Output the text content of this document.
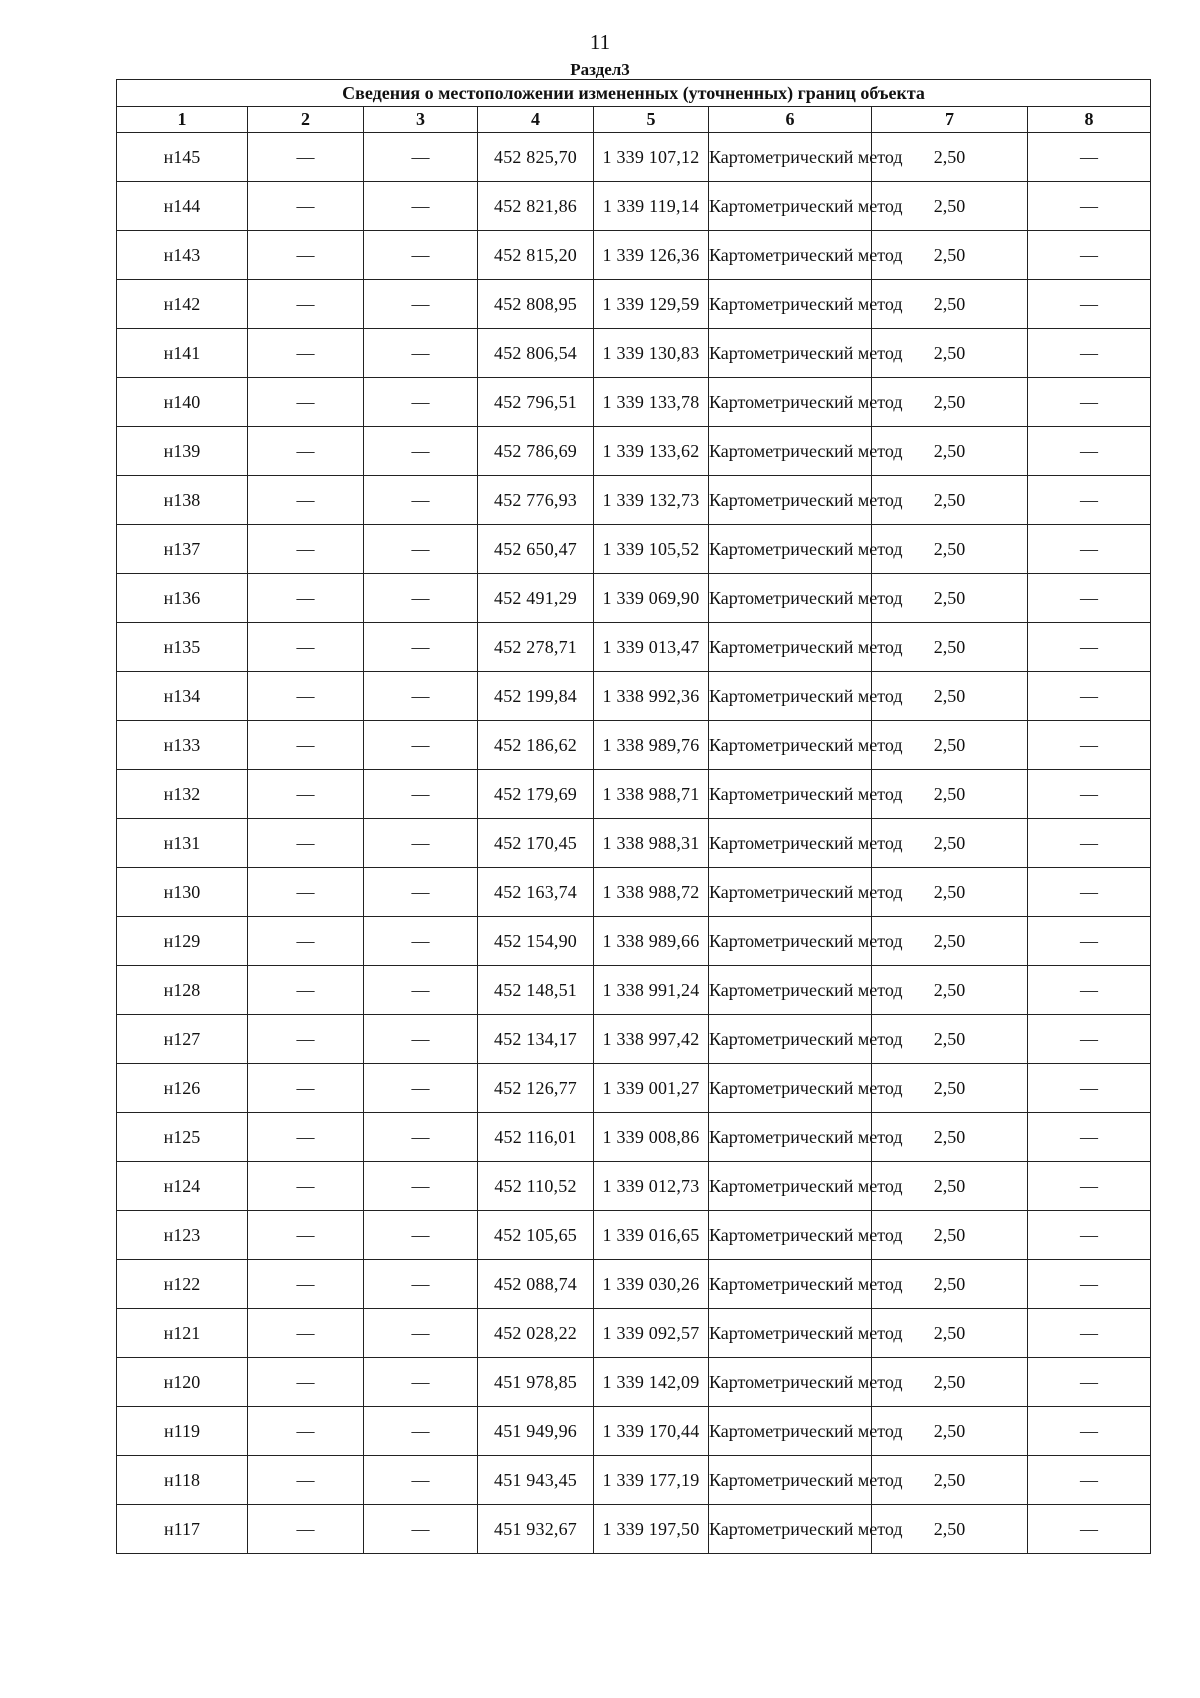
11
Раздел3
Сведения о местоположении измененных (уточненных) границ объекта							
1	2	3	4	5	6	7	8
н145	—	—	452 825,70	1 339 107,12	Картометрический метод	2,50	—
н144	—	—	452 821,86	1 339 119,14	Картометрический метод	2,50	—
н143	—	—	452 815,20	1 339 126,36	Картометрический метод	2,50	—
н142	—	—	452 808,95	1 339 129,59	Картометрический метод	2,50	—
н141	—	—	452 806,54	1 339 130,83	Картометрический метод	2,50	—
н140	—	—	452 796,51	1 339 133,78	Картометрический метод	2,50	—
н139	—	—	452 786,69	1 339 133,62	Картометрический метод	2,50	—
н138	—	—	452 776,93	1 339 132,73	Картометрический метод	2,50	—
н137	—	—	452 650,47	1 339 105,52	Картометрический метод	2,50	—
н136	—	—	452 491,29	1 339 069,90	Картометрический метод	2,50	—
н135	—	—	452 278,71	1 339 013,47	Картометрический метод	2,50	—
н134	—	—	452 199,84	1 338 992,36	Картометрический метод	2,50	—
н133	—	—	452 186,62	1 338 989,76	Картометрический метод	2,50	—
н132	—	—	452 179,69	1 338 988,71	Картометрический метод	2,50	—
н131	—	—	452 170,45	1 338 988,31	Картометрический метод	2,50	—
н130	—	—	452 163,74	1 338 988,72	Картометрический метод	2,50	—
н129	—	—	452 154,90	1 338 989,66	Картометрический метод	2,50	—
н128	—	—	452 148,51	1 338 991,24	Картометрический метод	2,50	—
н127	—	—	452 134,17	1 338 997,42	Картометрический метод	2,50	—
н126	—	—	452 126,77	1 339 001,27	Картометрический метод	2,50	—
н125	—	—	452 116,01	1 339 008,86	Картометрический метод	2,50	—
н124	—	—	452 110,52	1 339 012,73	Картометрический метод	2,50	—
н123	—	—	452 105,65	1 339 016,65	Картометрический метод	2,50	—
н122	—	—	452 088,74	1 339 030,26	Картометрический метод	2,50	—
н121	—	—	452 028,22	1 339 092,57	Картометрический метод	2,50	—
н120	—	—	451 978,85	1 339 142,09	Картометрический метод	2,50	—
н119	—	—	451 949,96	1 339 170,44	Картометрический метод	2,50	—
н118	—	—	451 943,45	1 339 177,19	Картометрический метод	2,50	—
н117	—	—	451 932,67	1 339 197,50	Картометрический метод	2,50	—
